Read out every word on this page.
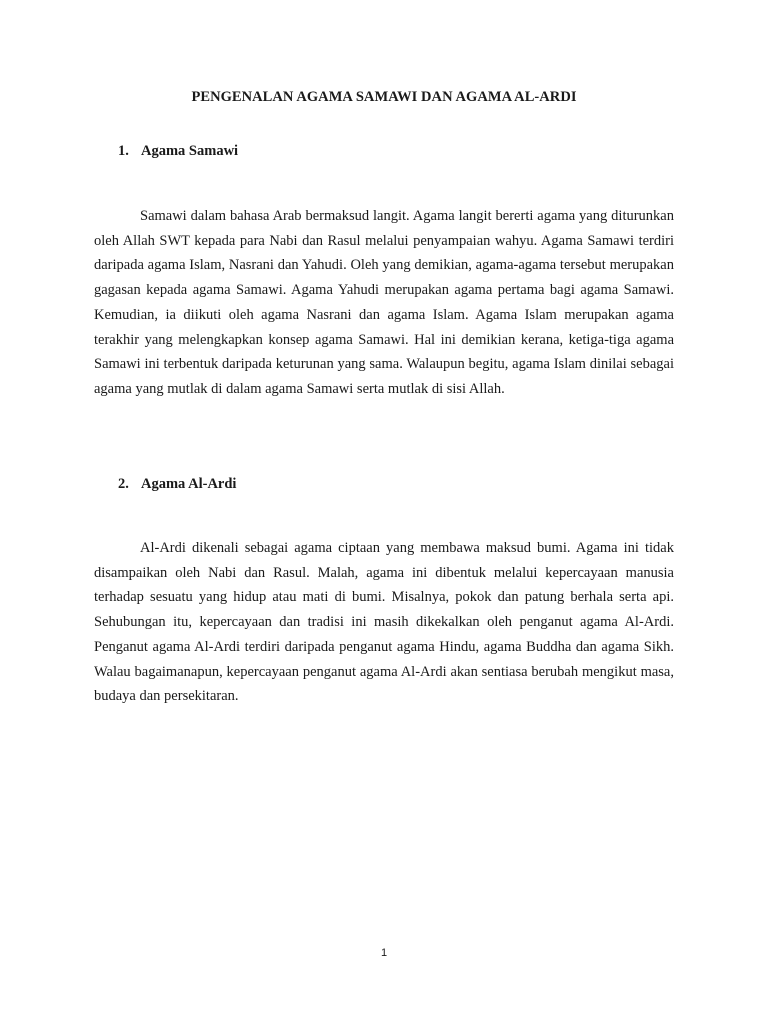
PENGENALAN AGAMA SAMAWI DAN AGAMA AL-ARDI
1. Agama Samawi

Samawi dalam bahasa Arab bermaksud langit. Agama langit bererti agama yang diturunkan oleh Allah SWT kepada para Nabi dan Rasul melalui penyampaian wahyu. Agama Samawi terdiri daripada agama Islam, Nasrani dan Yahudi. Oleh yang demikian, agama-agama tersebut merupakan gagasan kepada agama Samawi. Agama Yahudi merupakan agama pertama bagi agama Samawi. Kemudian, ia diikuti oleh agama Nasrani dan agama Islam. Agama Islam merupakan agama terakhir yang melengkapkan konsep agama Samawi. Hal ini demikian kerana, ketiga-tiga agama Samawi ini terbentuk daripada keturunan yang sama. Walaupun begitu, agama Islam dinilai sebagai agama yang mutlak di dalam agama Samawi serta mutlak di sisi Allah.

2. Agama Al-Ardi

Al-Ardi dikenali sebagai agama ciptaan yang membawa maksud bumi. Agama ini tidak disampaikan oleh Nabi dan Rasul. Malah, agama ini dibentuk melalui kepercayaan manusia terhadap sesuatu yang hidup atau mati di bumi. Misalnya, pokok dan patung berhala serta api. Sehubungan itu, kepercayaan dan tradisi ini masih dikekalkan oleh penganut agama Al-Ardi. Penganut agama Al-Ardi terdiri daripada penganut agama Hindu, agama Buddha dan agama Sikh. Walau bagaimanapun, kepercayaan penganut agama Al-Ardi akan sentiasa berubah mengikut masa, budaya dan persekitaran.

1
